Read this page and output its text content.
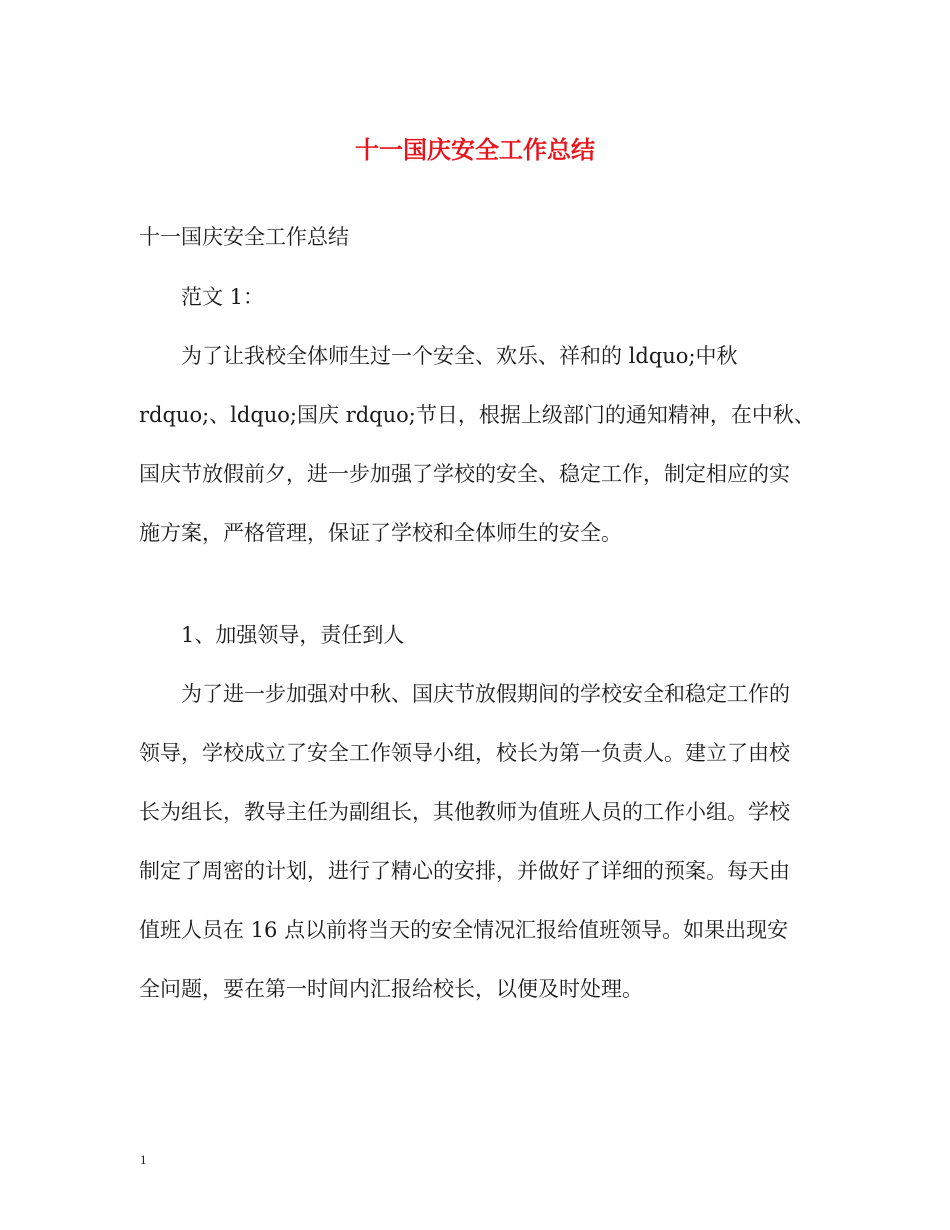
十一国庆安全工作总结

十一国庆安全工作总结

范文 1：

为了让我校全体师生过一个安全、欢乐、祥和的 ldquo;中秋

rdquo;、ldquo;国庆 rdquo;节日，根据上级部门的通知精神，在中秋、

国庆节放假前夕，进一步加强了学校的安全、稳定工作，制定相应的实

施方案，严格管理，保证了学校和全体师生的安全。

1、加强领导，责任到人

为了进一步加强对中秋、国庆节放假期间的学校安全和稳定工作的

领导，学校成立了安全工作领导小组，校长为第一负责人。建立了由校

长为组长，教导主任为副组长，其他教师为值班人员的工作小组。学校

制定了周密的计划，进行了精心的安排，并做好了详细的预案。每天由

值班人员在 16 点以前将当天的安全情况汇报给值班领导。如果出现安

全问题，要在第一时间内汇报给校长，以便及时处理。

1
